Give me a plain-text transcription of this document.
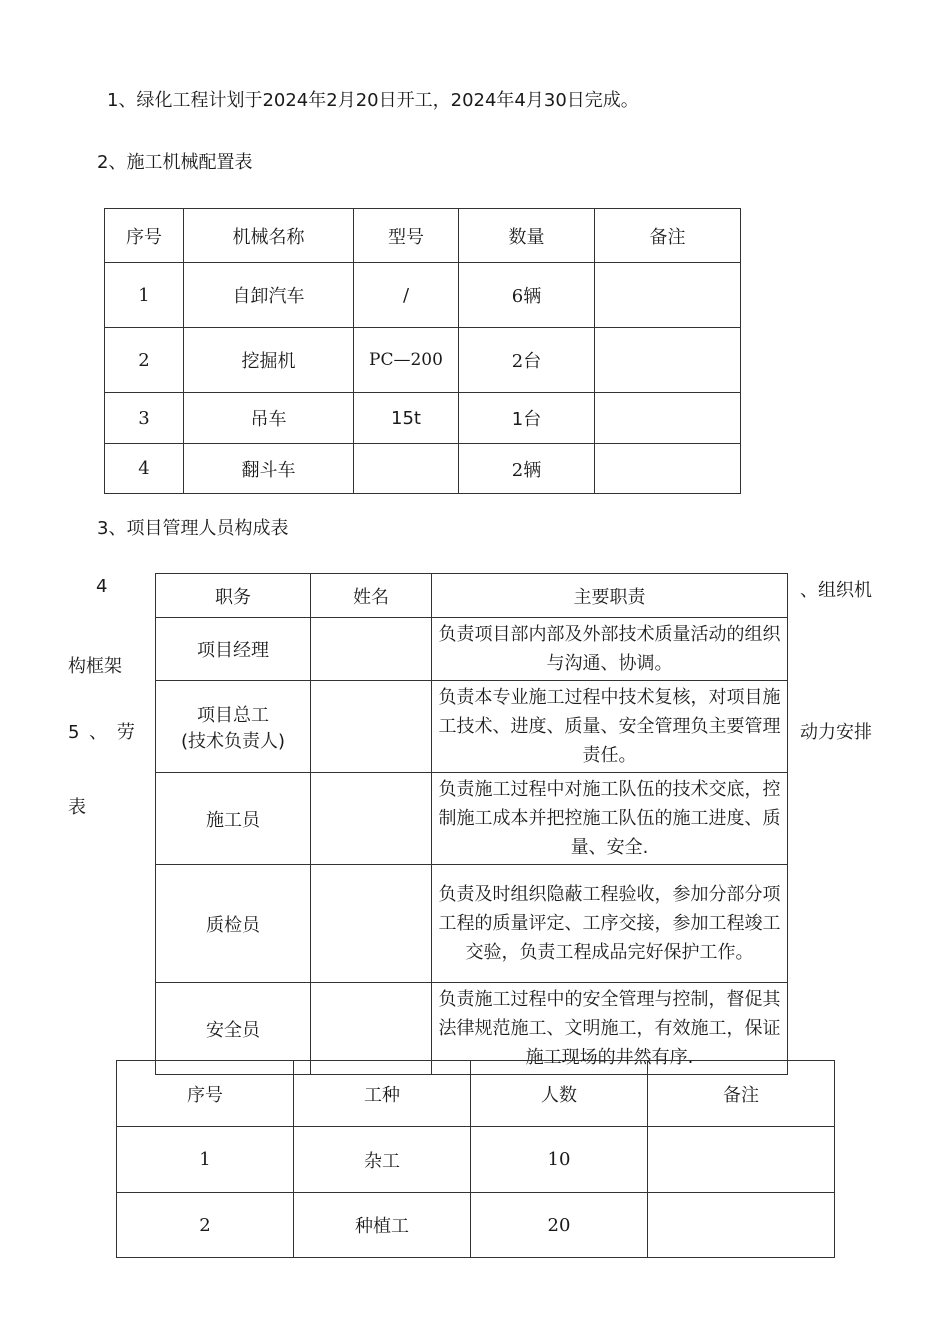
1、绿化工程计划于2024年2月20日开工，2024年4月30日完成。
2、施工机械配置表
序号	机械名称	型号	数量	备注
1	自卸汽车	/	6辆	
2	挖掘机	PC—200	2台	
3	吊车	15t	1台	
4	翻斗车		2辆	
3、项目管理人员构成表
4	、组织机
构框架
5 、 劳	动力安排
表
职务	姓名	主要职责
项目经理		负责项目部内部及外部技术质量活动的组织与沟通、协调。

项目总工
(技术负责人)		负责本专业施工过程中技术复核，对项目施工技术、进度、质量、安全管理负主要管理责任。
施工员		负责施工过程中对施工队伍的技术交底，控制施工成本并把控施工队伍的施工进度、质量、安全.
质检员		负责及时组织隐蔽工程验收，参加分部分项工程的质量评定、工序交接，参加工程竣工交验，负责工程成品完好保护工作。
安全员		负责施工过程中的安全管理与控制，督促其法律规范施工、文明施工，有效施工，保证施工现场的井然有序.
序号	工种	人数	备注
1	杂工	10	
2	种植工	20	
